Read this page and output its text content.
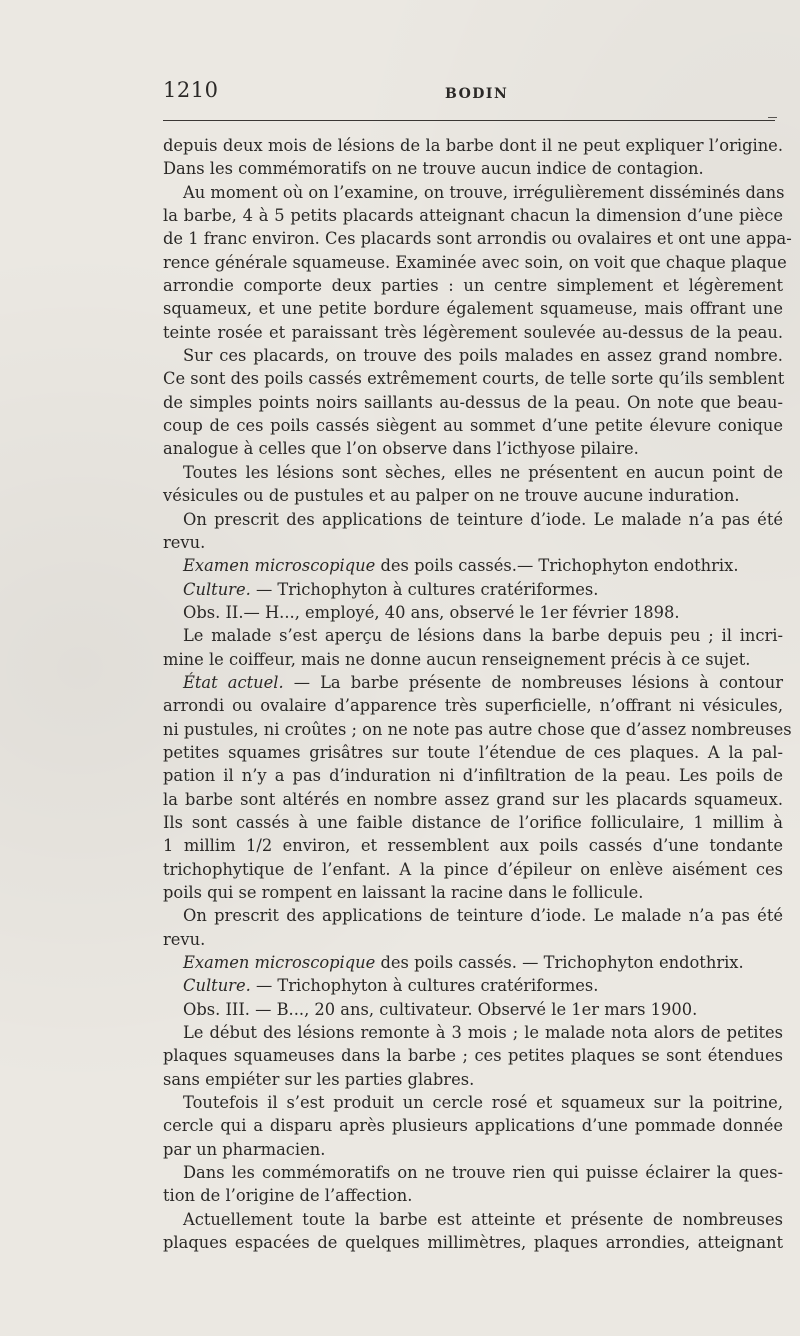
1210	BODIN
depuis deux mois de lésions de la barbe dont il ne peut expliquer l’origine.
Dans les commémoratifs on ne trouve aucun indice de contagion.
Au moment où on l’examine, on trouve, irrégulièrement disséminés dans
la barbe, 4 à 5 petits placards atteignant chacun la dimension d’une pièce
de 1 franc environ. Ces placards sont arrondis ou ovalaires et ont une appa-
rence générale squameuse. Examinée avec soin, on voit que chaque plaque
arrondie comporte deux parties : un centre simplement et légèrement
squameux, et une petite bordure également squameuse, mais offrant une
teinte rosée et paraissant très légèrement soulevée au-dessus de la peau.
Sur ces placards, on trouve des poils malades en assez grand nombre.
Ce sont des poils cassés extrêmement courts, de telle sorte qu’ils semblent
de simples points noirs saillants au-dessus de la peau. On note que beau-
coup de ces poils cassés siègent au sommet d’une petite élevure conique
analogue à celles que l’on observe dans l’icthyose pilaire.
Toutes les lésions sont sèches, elles ne présentent en aucun point de
vésicules ou de pustules et au palper on ne trouve aucune induration.
On prescrit des applications de teinture d’iode. Le malade n’a pas été
revu.
Examen microscopique des poils cassés.— Trichophyton endothrix.
Culture. — Trichophyton à cultures cratériformes.
Obs. II.— H..., employé, 40 ans, observé le 1er février 1898.
Le malade s’est aperçu de lésions dans la barbe depuis peu ; il incri-
mine le coiffeur, mais ne donne aucun renseignement précis à ce sujet.
État actuel. — La barbe présente de nombreuses lésions à contour
arrondi ou ovalaire d’apparence très superficielle, n’offrant ni vésicules,
ni pustules, ni croûtes ; on ne note pas autre chose que d’assez nombreuses
petites squames grisâtres sur toute l’étendue de ces plaques. A la pal-
pation il n’y a pas d’induration ni d’infiltration de la peau. Les poils de
la barbe sont altérés en nombre assez grand sur les placards squameux.
Ils sont cassés à une faible distance de l’orifice folliculaire, 1 millim à
1 millim 1/2 environ, et ressemblent aux poils cassés d’une tondante
trichophytique de l’enfant. A la pince d’épileur on enlève aisément ces
poils qui se rompent en laissant la racine dans le follicule.
On prescrit des applications de teinture d’iode. Le malade n’a pas été
revu.
Examen microscopique des poils cassés. — Trichophyton endothrix.
Culture. — Trichophyton à cultures cratériformes.
Obs. III. — B..., 20 ans, cultivateur. Observé le 1er mars 1900.
Le début des lésions remonte à 3 mois ; le malade nota alors de petites
plaques squameuses dans la barbe ; ces petites plaques se sont étendues
sans empiéter sur les parties glabres.
Toutefois il s’est produit un cercle rosé et squameux sur la poitrine,
cercle qui a disparu après plusieurs applications d’une pommade donnée
par un pharmacien.
Dans les commémoratifs on ne trouve rien qui puisse éclairer la ques-
tion de l’origine de l’affection.
Actuellement toute la barbe est atteinte et présente de nombreuses
plaques espacées de quelques millimètres, plaques arrondies, atteignant
